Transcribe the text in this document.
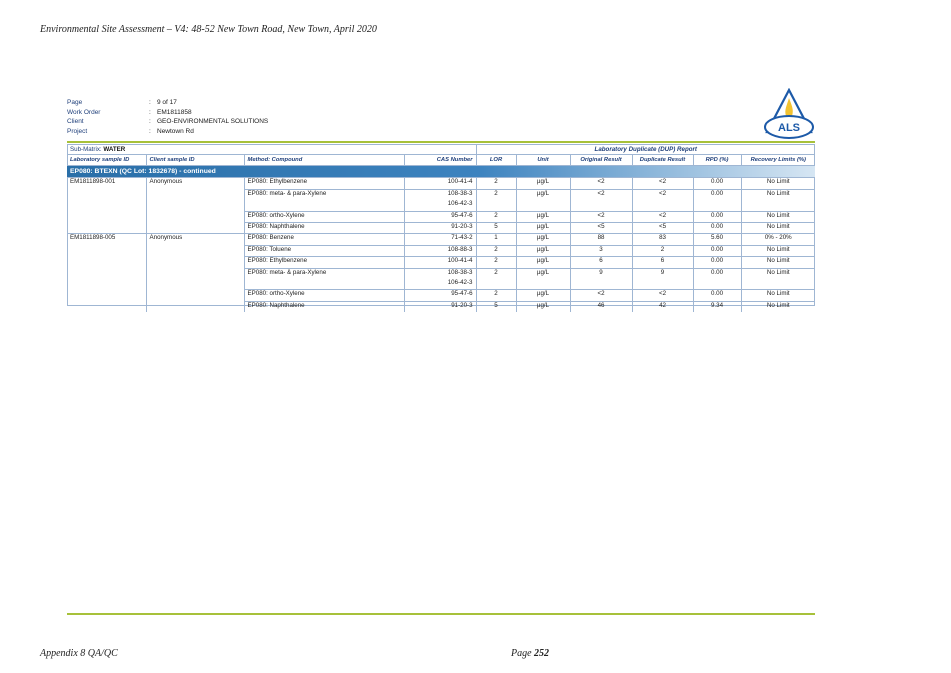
Environmental Site Assessment – V4: 48-52 New Town Road, New Town, April 2020
Page	: 9 of 17
Work Order	: EM1811858
Client	: GEO-ENVIRONMENTAL SOLUTIONS
Project	: Newtown Rd	ALS
Sub-Matrix: WATER				Laboratory Duplicate (DUP) Report					
Laboratory sample ID	Client sample ID	Method: Compound	CAS Number	LOR	Unit	Original Result	Duplicate Result	RPD (%)	Recovery Limits (%)
EP080: BTEXN (QC Lot: 1832678) - continued									
EM1811898-001	Anonymous	EP080: Ethylbenzene	100-41-4	2	µg/L	<2	<2	0.00	No Limit
		EP080: meta- & para-Xylene	108-38-3	2	µg/L	<2	<2	0.00	No Limit
			106-42-3						
		EP080: ortho-Xylene	95-47-6	2	µg/L	<2	<2	0.00	No Limit
		EP080: Naphthalene	91-20-3	5	µg/L	<5	<5	0.00	No Limit
EM1811898-005	Anonymous	EP080: Benzene	71-43-2	1	µg/L	88	83	5.60	0% - 20%
		EP080: Toluene	108-88-3	2	µg/L	3	2	0.00	No Limit
		EP080: Ethylbenzene	100-41-4	2	µg/L	6	6	0.00	No Limit
		EP080: meta- & para-Xylene	108-38-3	2	µg/L	9	9	0.00	No Limit
			106-42-3						
		EP080: ortho-Xylene	95-47-6	2	µg/L	<2	<2	0.00	No Limit
		EP080: Naphthalene	91-20-3	5	µg/L	46	42	9.34	No Limit
Appendix 8 QA/QC	Page 252
